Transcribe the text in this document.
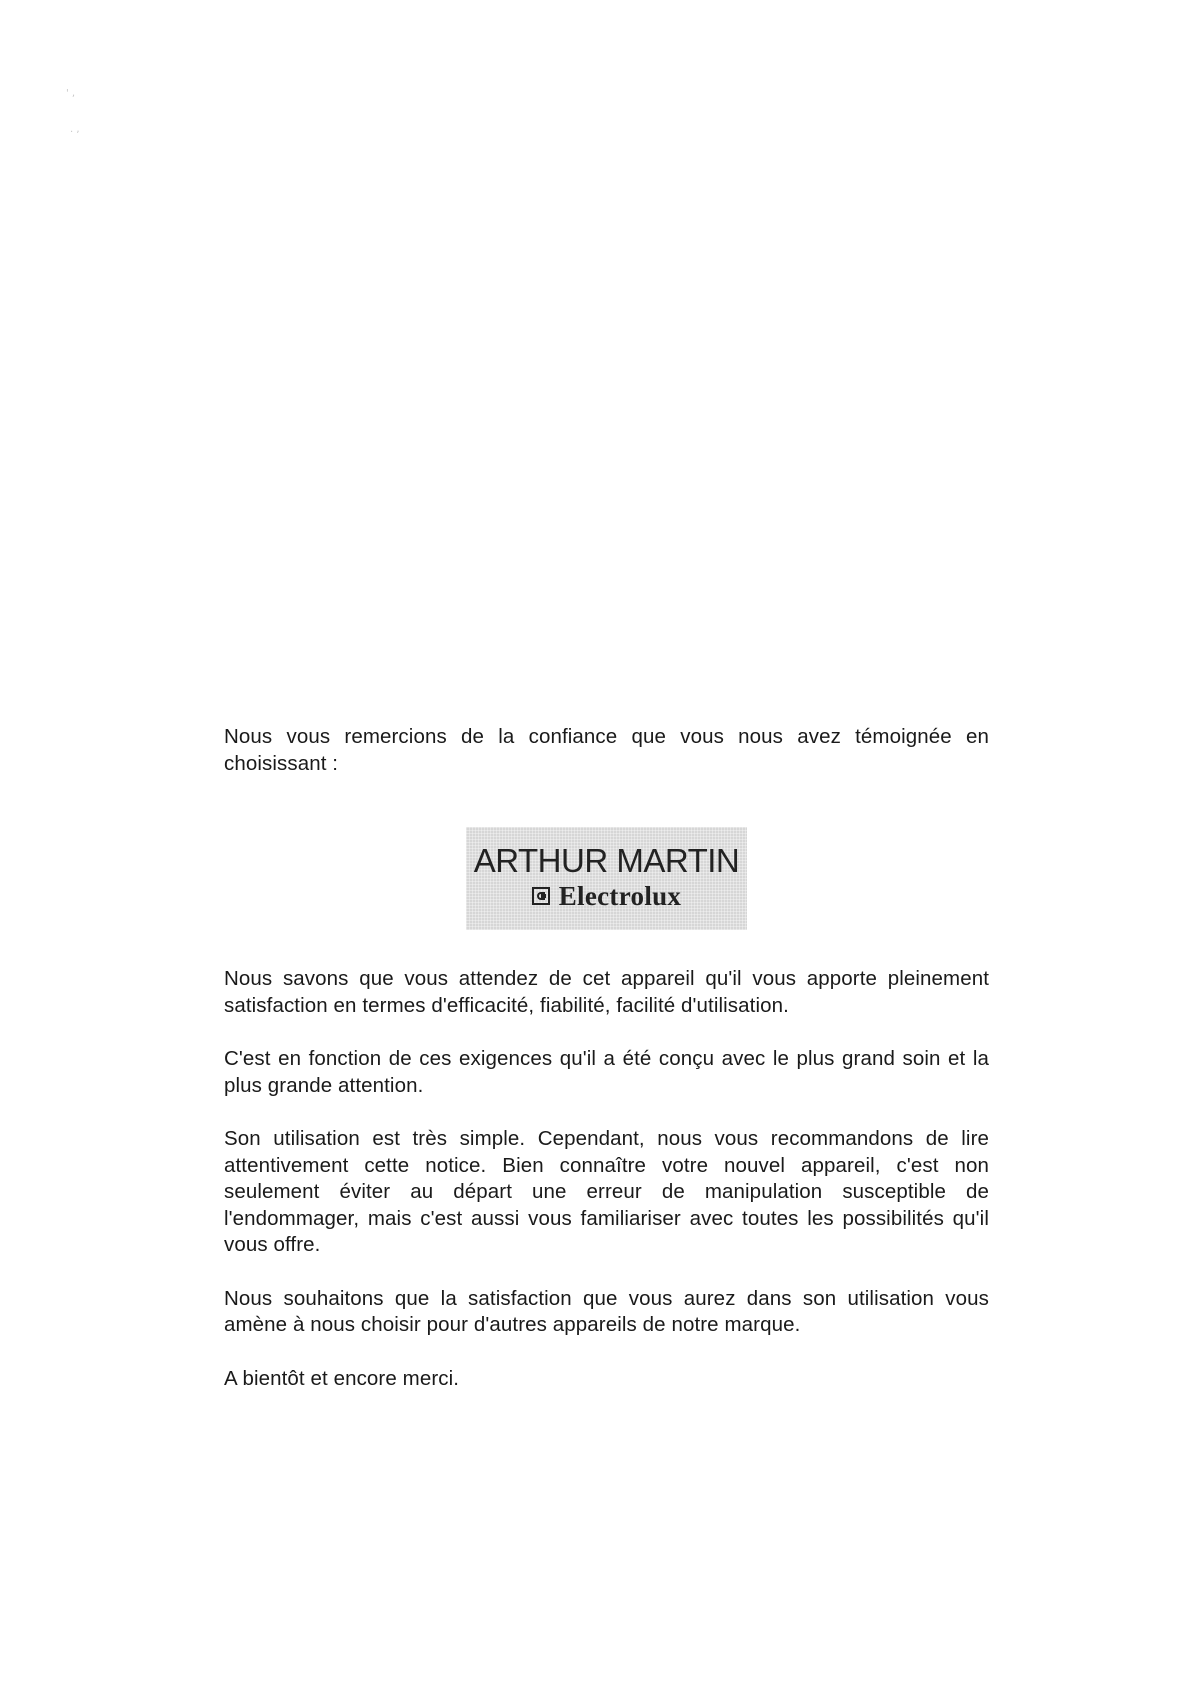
' ,
. ,

Nous vous remercions de la confiance que vous nous avez témoignée en choisissant :

ARTHUR MARTIN
Electrolux

Nous savons que vous attendez de cet appareil qu'il vous apporte pleinement satisfaction en termes d'efficacité, fiabilité, facilité d'utilisation.

C'est en fonction de ces exigences qu'il a été conçu avec le plus grand soin et la plus grande attention.

Son utilisation est très simple. Cependant, nous vous recommandons de lire attentivement cette notice. Bien connaître votre nouvel appareil, c'est non seulement éviter au départ une erreur de manipulation susceptible de l'endommager, mais c'est aussi vous familiariser avec toutes les possibilités qu'il vous offre.

Nous souhaitons que la satisfaction que vous aurez dans son utilisation vous amène à nous choisir pour d'autres appareils de notre marque.

A bientôt et encore merci.
